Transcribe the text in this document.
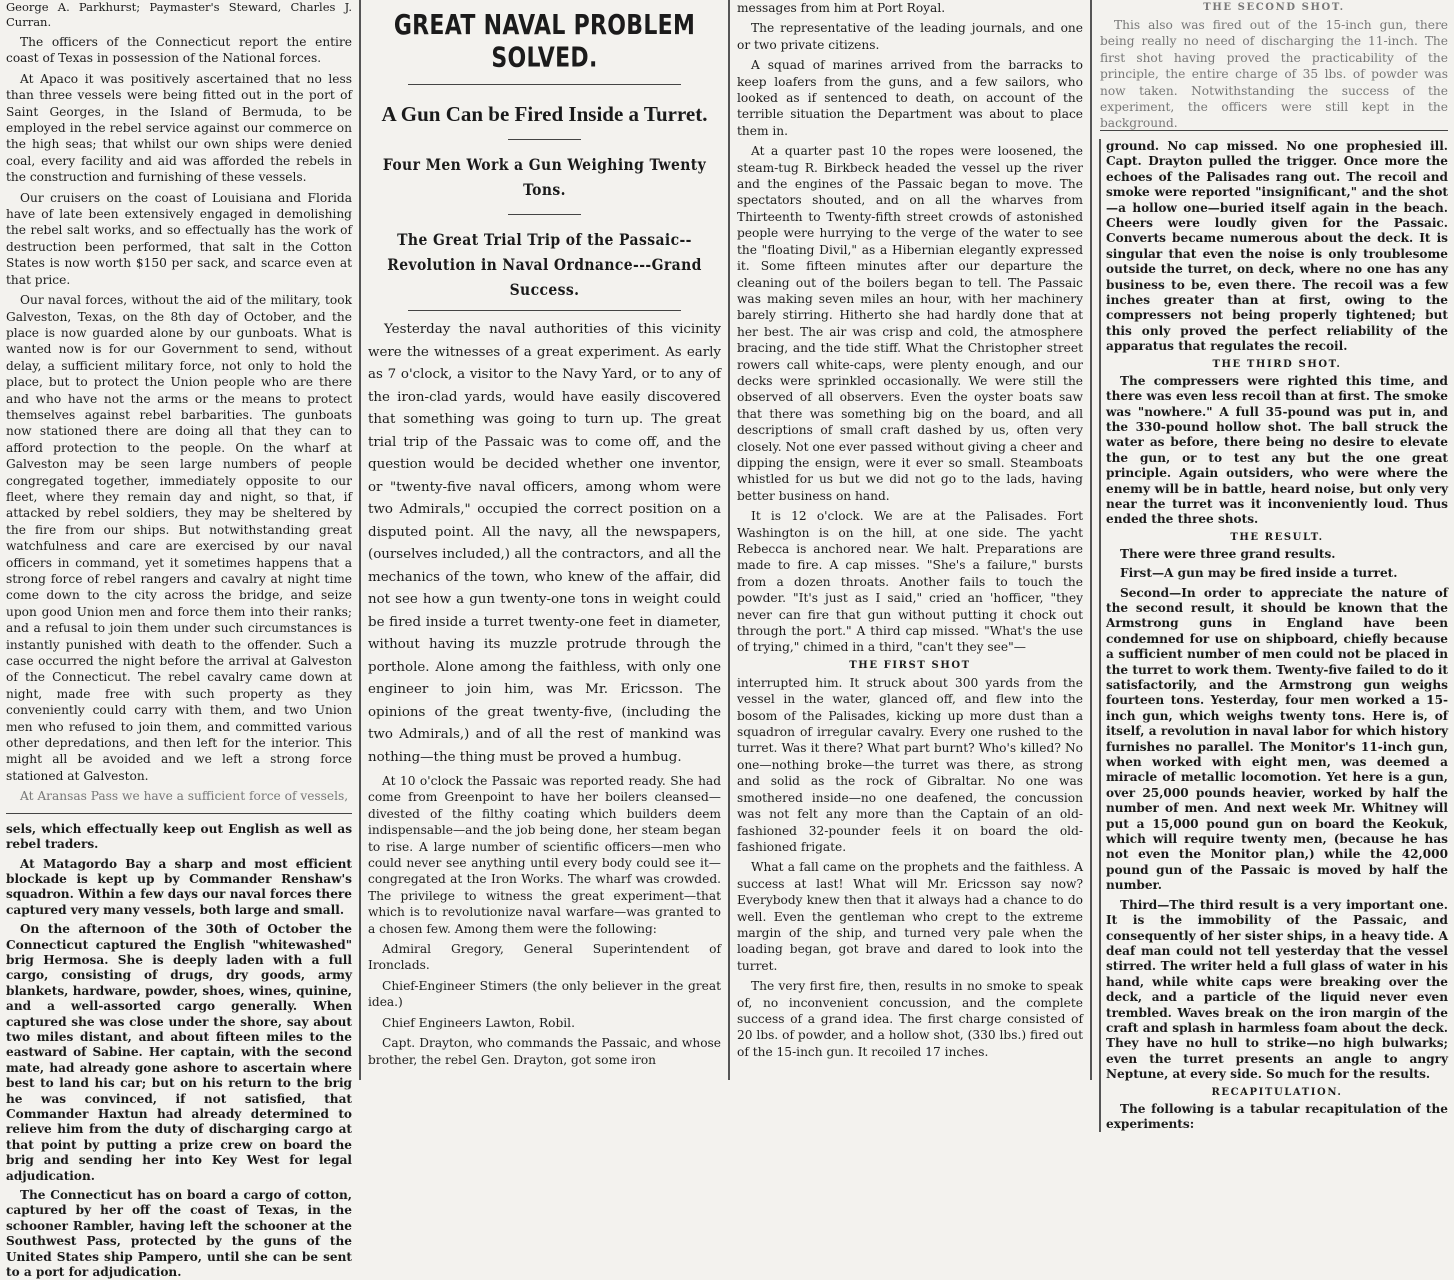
George A. Parkhurst; Paymaster's Steward, Charles J. Curran.

The officers of the Connecticut report the entire coast of Texas in possession of the National forces.

At Apaco it was positively ascertained that no less than three vessels were being fitted out in the port of Saint Georges, in the Island of Bermuda, to be employed in the rebel service against our commerce on the high seas; that whilst our own ships were denied coal, every facility and aid was afforded the rebels in the construction and furnishing of these vessels.

Our cruisers on the coast of Louisiana and Florida have of late been extensively engaged in demolishing the rebel salt works, and so effectually has the work of destruction been performed, that salt in the Cotton States is now worth $150 per sack, and scarce even at that price.

Our naval forces, without the aid of the military, took Galveston, Texas, on the 8th day of October, and the place is now guarded alone by our gunboats. What is wanted now is for our Government to send, without delay, a sufficient military force, not only to hold the place, but to protect the Union people who are there and who have not the arms or the means to protect themselves against rebel barbarities. The gunboats now stationed there are doing all that they can to afford protection to the people. On the wharf at Galveston may be seen large numbers of people congregated together, immediately opposite to our fleet, where they remain day and night, so that, if attacked by rebel soldiers, they may be sheltered by the fire from our ships. But notwithstanding great watchfulness and care are exercised by our naval officers in command, yet it sometimes happens that a strong force of rebel rangers and cavalry at night time come down to the city across the bridge, and seize upon good Union men and force them into their ranks; and a refusal to join them under such circumstances is instantly punished with death to the offender. Such a case occurred the night before the arrival at Galveston of the Connecticut. The rebel cavalry came down at night, made free with such property as they conveniently could carry with them, and two Union men who refused to join them, and committed various other depredations, and then left for the interior. This might all be avoided and we left a strong force stationed at Galveston.

At Aransas Pass we have a sufficient force of vessels,

sels, which effectually keep out English as well as rebel traders.

At Matagordo Bay a sharp and most efficient blockade is kept up by Commander Renshaw's squadron. Within a few days our naval forces there captured very many vessels, both large and small.

On the afternoon of the 30th of October the Connecticut captured the English "whitewashed" brig Hermosa. She is deeply laden with a full cargo, consisting of drugs, dry goods, army blankets, hardware, powder, shoes, wines, quinine, and a well-assorted cargo generally. When captured she was close under the shore, say about two miles distant, and about fifteen miles to the eastward of Sabine. Her captain, with the second mate, had already gone ashore to ascertain where best to land his car; but on his return to the brig he was convinced, if not satisfied, that Commander Haxtun had already determined to relieve him from the duty of discharging cargo at that point by putting a prize crew on board the brig and sending her into Key West for legal adjudication.

The Connecticut has on board a cargo of cotton, captured by her off the coast of Texas, in the schooner Rambler, having left the schooner at the Southwest Pass, protected by the guns of the United States ship Pampero, until she can be sent to a port for adjudication.

GREAT NAVAL PROBLEM SOLVED.
A Gun Can be Fired Inside a Turret.
Four Men Work a Gun Weighing Twenty Tons.
The Great Trial Trip of the Passaic--Revolution in Naval Ordnance---Grand Success.

Yesterday the naval authorities of this vicinity were the witnesses of a great experiment. As early as 7 o'clock, a visitor to the Navy Yard, or to any of the iron-clad yards, would have easily discovered that something was going to turn up. The great trial trip of the Passaic was to come off, and the question would be decided whether one inventor, or "twenty-five naval officers, among whom were two Admirals," occupied the correct position on a disputed point. All the navy, all the newspapers, (ourselves included,) all the contractors, and all the mechanics of the town, who knew of the affair, did not see how a gun twenty-one tons in weight could be fired inside a turret twenty-one feet in diameter, without having its muzzle protrude through the porthole. Alone among the faithless, with only one engineer to join him, was Mr. Ericsson. The opinions of the great twenty-five, (including the two Admirals,) and of all the rest of mankind was nothing—the thing must be proved a humbug.

At 10 o'clock the Passaic was reported ready. She had come from Greenpoint to have her boilers cleansed—divested of the filthy coating which builders deem indispensable—and the job being done, her steam began to rise. A large number of scientific officers—men who could never see anything until every body could see it—congregated at the Iron Works. The wharf was crowded. The privilege to witness the great experiment—that which is to revolutionize naval warfare—was granted to a chosen few. Among them were the following:

Admiral Gregory, General Superintendent of Ironclads.

Chief-Engineer Stimers (the only believer in the great idea.)

Chief Engineers Lawton, Robil.

Capt. Drayton, who commands the Passaic, and whose brother, the rebel Gen. Drayton, got some iron

messages from him at Port Royal.

The representative of the leading journals, and one or two private citizens.

A squad of marines arrived from the barracks to keep loafers from the guns, and a few sailors, who looked as if sentenced to death, on account of the terrible situation the Department was about to place them in.

At a quarter past 10 the ropes were loosened, the steam-tug R. Birkbeck headed the vessel up the river and the engines of the Passaic began to move. The spectators shouted, and on all the wharves from Thirteenth to Twenty-fifth street crowds of astonished people were hurrying to the verge of the water to see the "floating Divil," as a Hibernian elegantly expressed it. Some fifteen minutes after our departure the cleaning out of the boilers began to tell. The Passaic was making seven miles an hour, with her machinery barely stirring. Hitherto she had hardly done that at her best. The air was crisp and cold, the atmosphere bracing, and the tide stiff. What the Christopher street rowers call white-caps, were plenty enough, and our decks were sprinkled occasionally. We were still the observed of all observers. Even the oyster boats saw that there was something big on the board, and all descriptions of small craft dashed by us, often very closely. Not one ever passed without giving a cheer and dipping the ensign, were it ever so small. Steamboats whistled for us but we did not go to the lads, having better business on hand.

It is 12 o'clock. We are at the Palisades. Fort Washington is on the hill, at one side. The yacht Rebecca is anchored near. We halt. Preparations are made to fire. A cap misses. "She's a failure," bursts from a dozen throats. Another fails to touch the powder. "It's just as I said," cried an 'hofficer, "they never can fire that gun without putting it chock out through the port." A third cap missed. "What's the use of trying," chimed in a third, "can't they see"—

THE FIRST SHOT

interrupted him. It struck about 300 yards from the vessel in the water, glanced off, and flew into the bosom of the Palisades, kicking up more dust than a squadron of irregular cavalry. Every one rushed to the turret. Was it there? What part burnt? Who's killed? No one—nothing broke—the turret was there, as strong and solid as the rock of Gibraltar. No one was smothered inside—no one deafened, the concussion was not felt any more than the Captain of an old-fashioned 32-pounder feels it on board the old-fashioned frigate.

What a fall came on the prophets and the faithless. A success at last! What will Mr. Ericsson say now? Everybody knew then that it always had a chance to do well. Even the gentleman who crept to the extreme margin of the ship, and turned very pale when the loading began, got brave and dared to look into the turret.

The very first fire, then, results in no smoke to speak of, no inconvenient concussion, and the complete success of a grand idea. The first charge consisted of 20 lbs. of powder, and a hollow shot, (330 lbs.) fired out of the 15-inch gun. It recoiled 17 inches.

THE SECOND SHOT.

This also was fired out of the 15-inch gun, there being really no need of discharging the 11-inch. The first shot having proved the practicability of the principle, the entire charge of 35 lbs. of powder was now taken. Notwithstanding the success of the experiment, the officers were still kept in the background.

ground. No cap missed. No one prophesied ill. Capt. Drayton pulled the trigger. Once more the echoes of the Palisades rang out. The recoil and smoke were reported "insignificant," and the shot—a hollow one—buried itself again in the beach. Cheers were loudly given for the Passaic. Converts became numerous about the deck. It is singular that even the noise is only troublesome outside the turret, on deck, where no one has any business to be, even there. The recoil was a few inches greater than at first, owing to the compressers not being properly tightened; but this only proved the perfect reliability of the apparatus that regulates the recoil.

THE THIRD SHOT.

The compressers were righted this time, and there was even less recoil than at first. The smoke was "nowhere." A full 35-pound was put in, and the 330-pound hollow shot. The ball struck the water as before, there being no desire to elevate the gun, or to test any but the one great principle. Again outsiders, who were where the enemy will be in battle, heard noise, but only very near the turret was it inconveniently loud. Thus ended the three shots.

THE RESULT.

There were three grand results.

First—A gun may be fired inside a turret.

Second—In order to appreciate the nature of the second result, it should be known that the Armstrong guns in England have been condemned for use on shipboard, chiefly because a sufficient number of men could not be placed in the turret to work them. Twenty-five failed to do it satisfactorily, and the Armstrong gun weighs fourteen tons. Yesterday, four men worked a 15-inch gun, which weighs twenty tons. Here is, of itself, a revolution in naval labor for which history furnishes no parallel. The Monitor's 11-inch gun, when worked with eight men, was deemed a miracle of metallic locomotion. Yet here is a gun, over 25,000 pounds heavier, worked by half the number of men. And next week Mr. Whitney will put a 15,000 pound gun on board the Keokuk, which will require twenty men, (because he has not even the Monitor plan,) while the 42,000 pound gun of the Passaic is moved by half the number.

Third—The third result is a very important one. It is the immobility of the Passaic, and consequently of her sister ships, in a heavy tide. A deaf man could not tell yesterday that the vessel stirred. The writer held a full glass of water in his hand, while white caps were breaking over the deck, and a particle of the liquid never even trembled. Waves break on the iron margin of the craft and splash in harmless foam about the deck. They have no hull to strike—no high bulwarks; even the turret presents an angle to angry Neptune, at every side. So much for the results.

RECAPITULATION.

The following is a tabular recapitulation of the experiments:
